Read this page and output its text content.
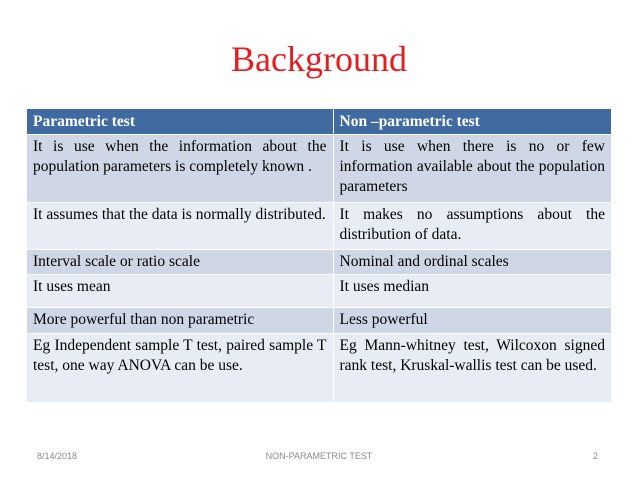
Background
Parametric test	Non –parametric test
It is use when the information about the population parameters is completely known .	It is use when there is no or few information available about the population parameters
It assumes that the data is normally distributed.	It makes no assumptions about the distribution of data.
Interval scale or ratio scale	Nominal and ordinal scales
It uses mean	It uses median
More powerful than non parametric	Less powerful
Eg Independent sample T test, paired sample T test, one way ANOVA can be use.	Eg Mann-whitney test, Wilcoxon signed rank test, Kruskal-wallis test can be used.
8/14/2018	NON-PARAMETRIC TEST	2
